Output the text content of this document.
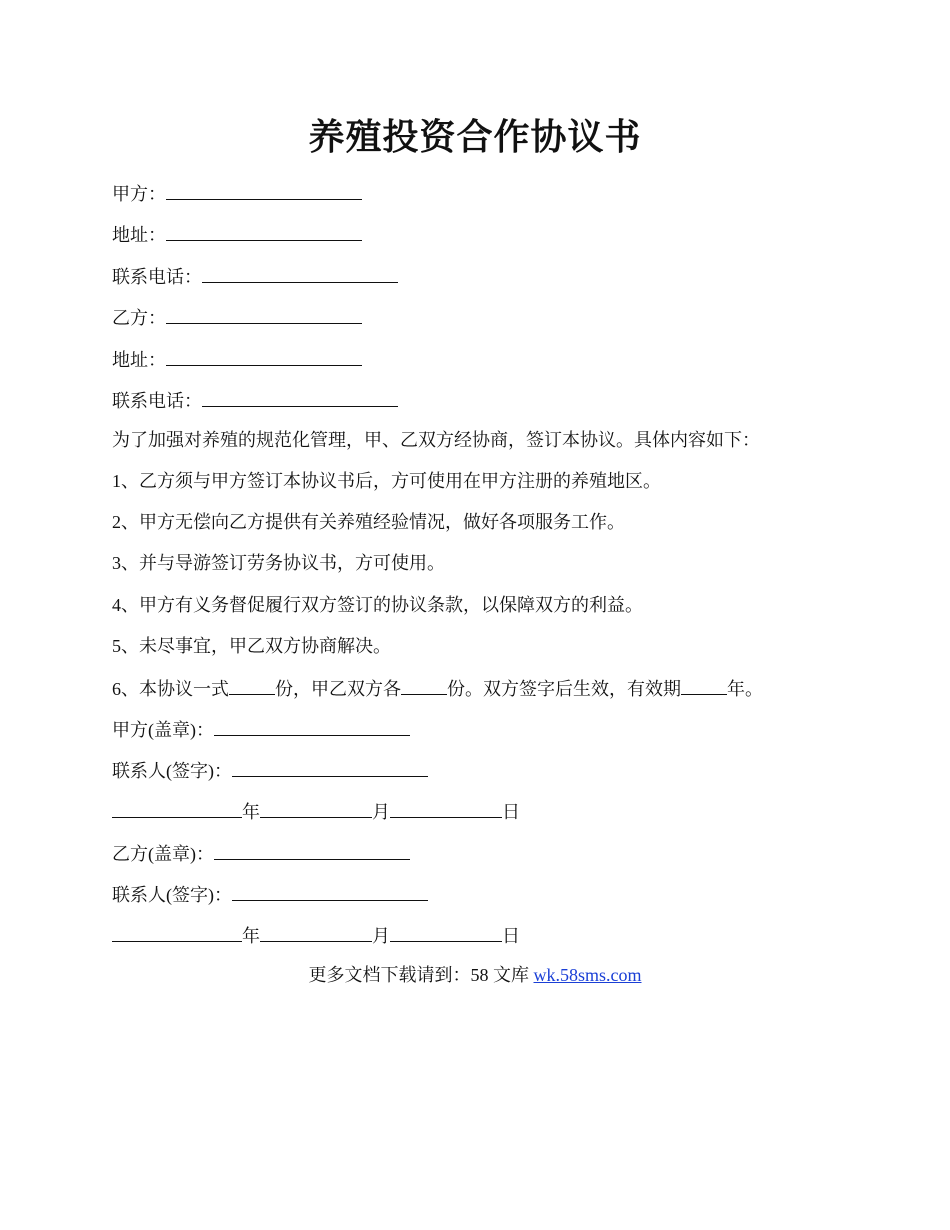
养殖投资合作协议书
甲方：
地址：
联系电话：
乙方：
地址：
联系电话：
为了加强对养殖的规范化管理，甲、乙双方经协商，签订本协议。具体内容如下：
1、乙方须与甲方签订本协议书后，方可使用在甲方注册的养殖地区。
2、甲方无偿向乙方提供有关养殖经验情况，做好各项服务工作。
3、并与导游签订劳务协议书，方可使用。
4、甲方有义务督促履行双方签订的协议条款，以保障双方的利益。
5、未尽事宜，甲乙双方协商解决。
6、本协议一式	份，甲乙双方各	份。双方签字后生效，有效期	年。
甲方(盖章)：
联系人(签字)：
年	月	日
乙方(盖章)：
联系人(签字)：
年	月	日
更多文档下载请到：58 文库 wk.58sms.com
